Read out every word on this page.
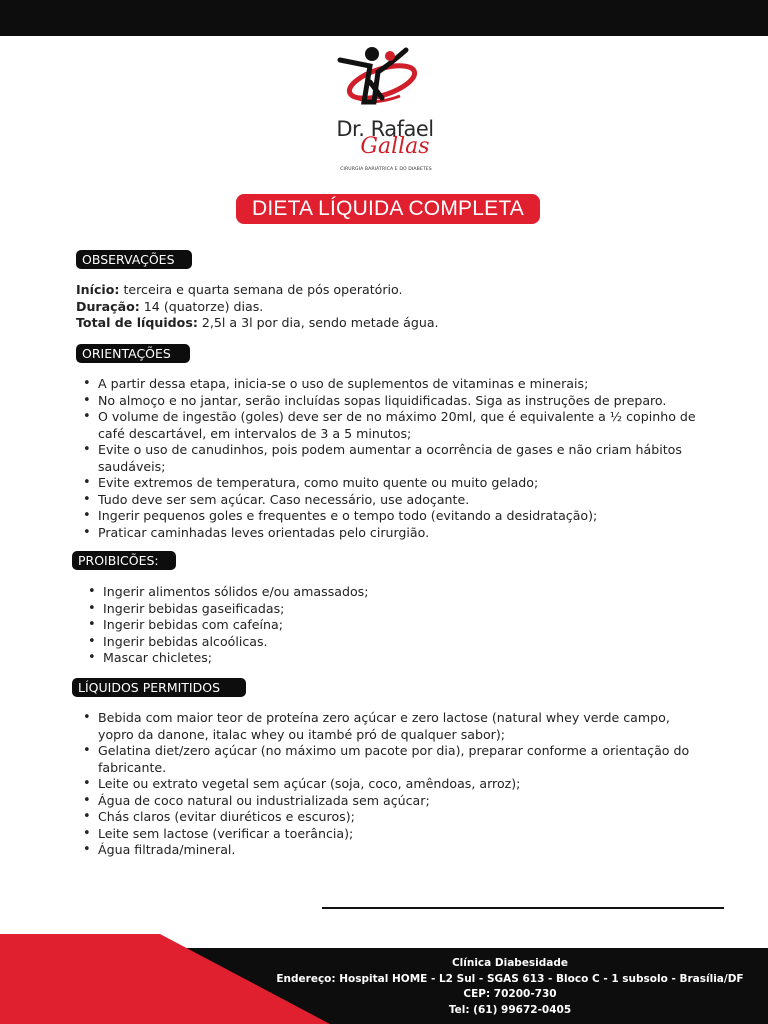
Dr. Rafael
Gallas
CIRURGIA BARIÁTRICA E DO DIABETES
DIETA LÍQUIDA COMPLETA
OBSERVAÇÕES
Início: terceira e quarta semana de pós operatório.
Duração: 14 (quatorze) dias.
Total de líquidos: 2,5l a 3l por dia, sendo metade água.
ORIENTAÇÕES
• A partir dessa etapa, inicia-se o uso de suplementos de vitaminas e minerais;
• No almoço e no jantar, serão incluídas sopas liquidificadas. Siga as instruções de preparo.
• O volume de ingestão (goles) deve ser de no máximo 20ml, que é equivalente a ½ copinho de café descartável, em intervalos de 3 a 5 minutos;
• Evite o uso de canudinhos, pois podem aumentar a ocorrência de gases e não criam hábitos saudáveis;
• Evite extremos de temperatura, como muito quente ou muito gelado;
• Tudo deve ser sem açúcar. Caso necessário, use adoçante.
• Ingerir pequenos goles e frequentes e o tempo todo (evitando a desidratação);
• Praticar caminhadas leves orientadas pelo cirurgião.
PROIBICÕES:
• Ingerir alimentos sólidos e/ou amassados;
• Ingerir bebidas gaseificadas;
• Ingerir bebidas com cafeína;
• Ingerir bebidas alcoólicas.
• Mascar chicletes;
LÍQUIDOS PERMITIDOS
• Bebida com maior teor de proteína zero açúcar e zero lactose (natural whey verde campo, yopro da danone, italac whey ou itambé pró de qualquer sabor);
• Gelatina diet/zero açúcar (no máximo um pacote por dia), preparar conforme a orientação do fabricante.
• Leite ou extrato vegetal sem açúcar (soja, coco, amêndoas, arroz);
• Água de coco natural ou industrializada sem açúcar;
• Chás claros (evitar diuréticos e escuros);
• Leite sem lactose (verificar a toerância);
• Água filtrada/mineral.
Clínica Diabesidade
Endereço: Hospital HOME - L2 Sul - SGAS 613 - Bloco C - 1 subsolo - Brasília/DF
CEP: 70200-730
Tel: (61) 99672-0405
